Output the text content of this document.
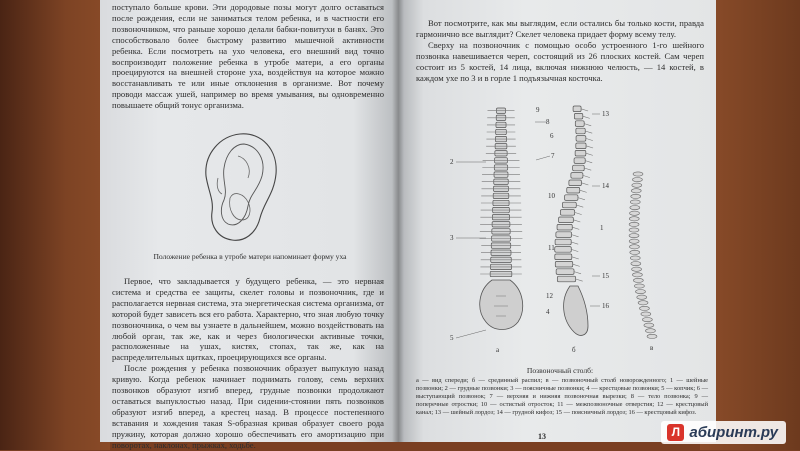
поступало больше крови. Эти дородовые позы могут долго оставаться после рождения, если не заниматься телом ребенка, и в частности его позвоночником, что раньше хорошо делали бабки-повитухи в банях. Это способствовало более быстрому развитию мышечной активности ребенка. Если посмотреть на ухо человека, его внешний вид точно воспроизводит положение ребенка в утробе матери, а его органы проецируются на внешней стороне уха, воздействуя на которое можно восстанавливать те или иные отклонения в организме. Вот почему проводи массаж ушей, например во время умывания, вы одновременно повышаете общий тонус организма.

Положение ребенка в утробе матери напоминает форму уха

Первое, что закладывается у будущего ребенка, — это нервная система и средства ее защиты, скелет головы и позвоночник, где и располагается нервная система, эта энергетическая система организма, от которой будет зависеть вся его работа. Характерно, что зная любую точку позвоночника, о чем вы узнаете в дальнейшем, можно воздействовать на любой орган, так же, как и через биологически активные точки, расположенные на ушах, кистях, стопах, так же, как на распределительных щитках, проецирующихся все органы.

После рождения у ребенка позвоночник образует выпуклую назад кривую. Когда ребенок начинает поднимать голову, семь верхних позвонков образуют изгиб вперед, грудные позвонки продолжают оставаться выпуклостью назад. При сидении-стоянии пять позвонков образуют изгиб вперед, а крестец назад. В процессе постепенного вставания и хождения такая S-образная кривая образует своего рода пружину, которая должно хорошо обеспечивать его амортизацию при поворотах, наклонах, прыжках, ходьбе.

Вот посмотрите, как мы выглядим, если остались бы только кости, правда гармонично все выглядит? Скелет человека придает форму всему телу.

Сверху на позвоночник с помощью особо устроенного 1-го шейного позвонка навешивается череп, состоящий из 26 плоских костей. Сам череп состоит из 5 костей, 14 лица, включая нижнюю челюсть, — 14 костей, в каждом ухе по 3 и в горле 1 подъязычная косточка.

2
3
5
9
8
7
6
10
11
12
4
13
14
15
16
1
а	б	в
Позвоночный столб:
а — вид спереди; б — срединный распил; в — позвоночный столб новорожденного; 1 — шейные позвонки; 2 — грудные позвонки; 3 — поясничные позвонки; 4 — крестцовые позвонки; 5 — копчик; 6 — выступающий позвонок; 7 — верхняя и нижняя позвоночная вырезки; 8 — тело позвонка; 9 — поперечные отростки; 10 — остистый отросток; 11 — межпозвоночные отверстия; 12 — крестцовый канал; 13 — шейный лордоз; 14 — грудной кифоз; 15 — поясничный лордоз; 16 — крестцовый кифоз.
13	Л абиринт.ру
